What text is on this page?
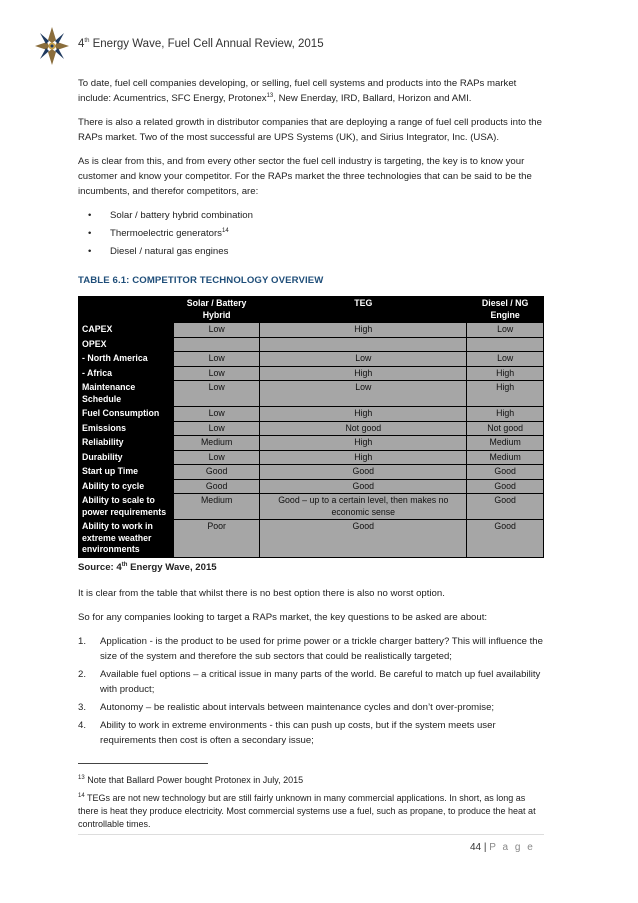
4th Energy Wave, Fuel Cell Annual Review, 2015

To date, fuel cell companies developing, or selling, fuel cell systems and products into the RAPs market include: Acumentrics, SFC Energy, Protonex$^{13}$, New Enerday, IRD, Ballard, Horizon and AMI.

There is also a related growth in distributor companies that are deploying a range of fuel cell products into the RAPs market. Two of the most successful are UPS Systems (UK), and Sirius Integrator, Inc. (USA).

As is clear from this, and from every other sector the fuel cell industry is targeting, the key is to know your customer and know your competitor. For the RAPs market the three technologies that can be said to be the incumbents, and therefor competitors, are:

• Solar / battery hybrid combination
• Thermoelectric generators$^{14}$
• Diesel / natural gas engines
TABLE 6.1: COMPETITOR TECHNOLOGY OVERVIEW
	Solar / Battery Hybrid	TEG	Diesel / NG Engine
CAPEX	Low	High	Low
OPEX			
- North America	Low	Low	Low
- Africa	Low	High	High
Maintenance Schedule	Low	Low	High
Fuel Consumption	Low	High	High
Emissions	Low	Not good	Not good
Reliability	Medium	High	Medium
Durability	Low	High	Medium
Start up Time	Good	Good	Good
Ability to cycle	Good	Good	Good
Ability to scale to power requirements	Medium	Good – up to a certain level, then makes no economic sense	Good
Ability to work in extreme weather environments	Poor	Good	Good
Source: 4th Energy Wave, 2015

It is clear from the table that whilst there is no best option there is also no worst option.

So for any companies looking to target a RAPs market, the key questions to be asked are about:

1. Application - is the product to be used for prime power or a trickle charger battery? This will influence the size of the system and therefore the sub sectors that could be realistically targeted;
2. Available fuel options – a critical issue in many parts of the world. Be careful to match up fuel availability with product;
3. Autonomy – be realistic about intervals between maintenance cycles and don’t over-promise;
4. Ability to work in extreme environments - this can push up costs, but if the system meets user requirements then cost is often a secondary issue;
$^{13}$ Note that Ballard Power bought Protonex in July, 2015
$^{14}$ TEGs are not new technology but are still fairly unknown in many commercial applications. In short, as long as there is heat they produce electricity. Most commercial systems use a fuel, such as propane, to produce the heat at controllable times.
44 | P a g e
